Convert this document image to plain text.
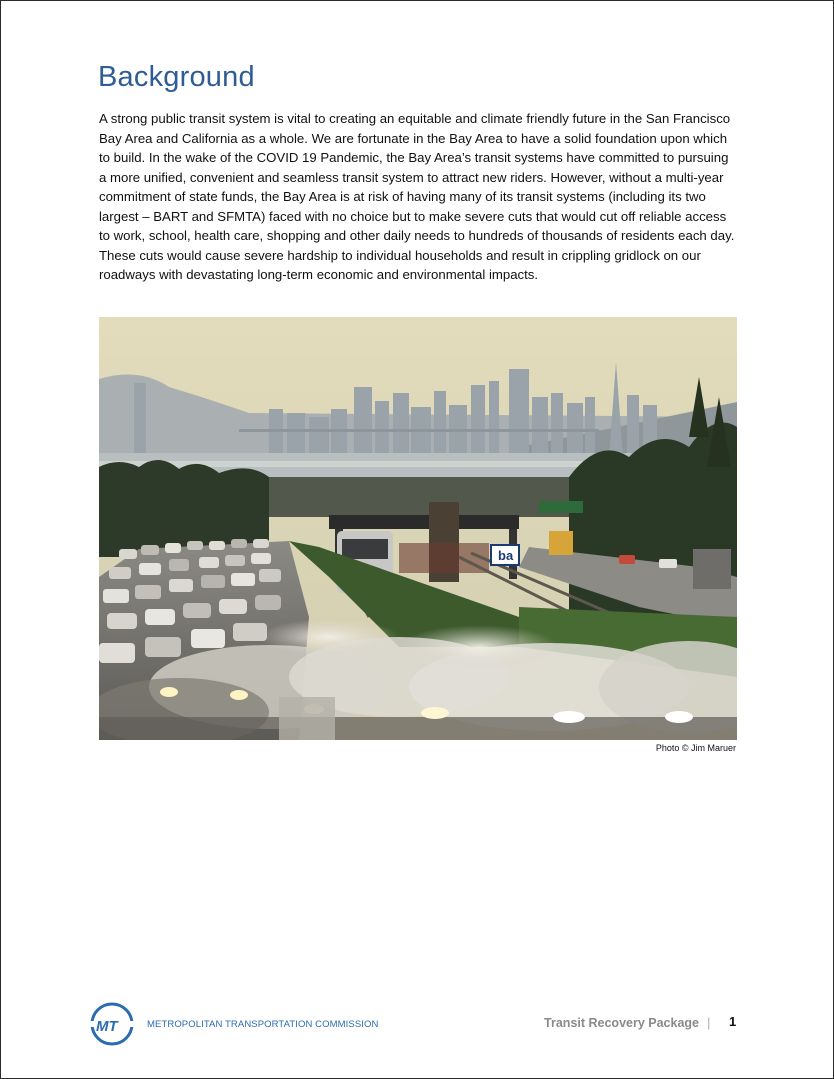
Background

A strong public transit system is vital to creating an equitable and climate friendly future in the San Francisco Bay Area and California as a whole. We are fortunate in the Bay Area to have a solid foundation upon which to build. In the wake of the COVID 19 Pandemic, the Bay Area’s transit systems have committed to pursuing a more unified, convenient and seamless transit system to attract new riders. However, without a multi-year commitment of state funds, the Bay Area is at risk of having many of its transit systems (including its two largest – BART and SFMTA) faced with no choice but to make severe cuts that would cut off reliable access to work, school, health care, shopping and other daily needs to hundreds of thousands of residents each day. These cuts would cause severe hardship to individual households and result in crippling gridlock on our roadways with devastating long-term economic and environmental impacts.

ba
Photo © Jim Maruer
MT	METROPOLITAN TRANSPORTATION COMMISSION	Transit Recovery Package | 1
